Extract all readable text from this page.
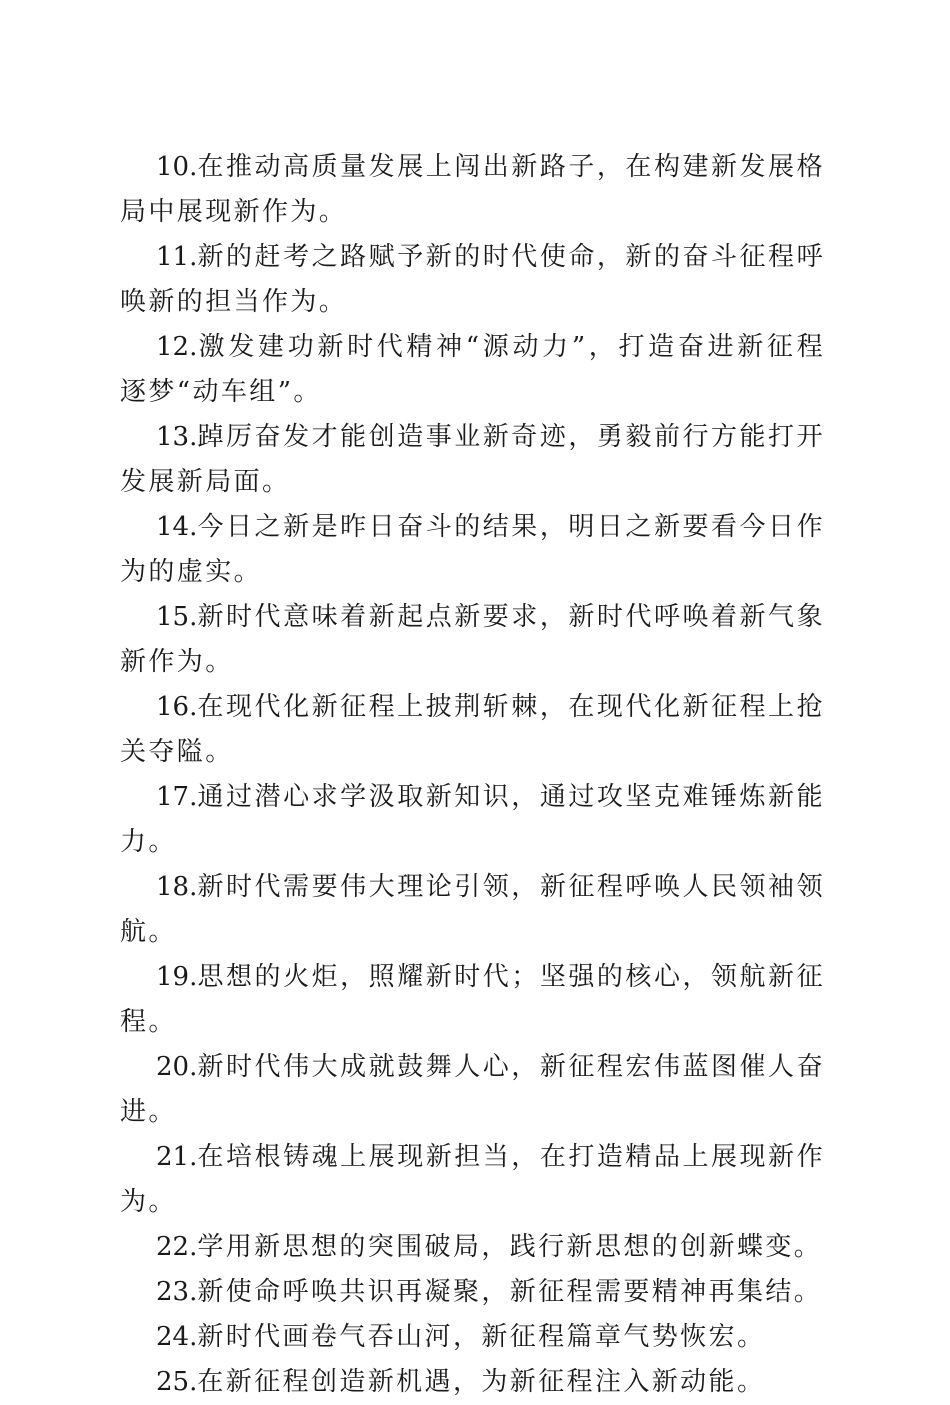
10.在推动高质量发展上闯出新路子，在构建新发展格局中展现新作为。

11.新的赶考之路赋予新的时代使命，新的奋斗征程呼唤新的担当作为。

12.激发建功新时代精神“源动力”，打造奋进新征程逐梦“动车组”。

13.踔厉奋发才能创造事业新奇迹，勇毅前行方能打开发展新局面。

14.今日之新是昨日奋斗的结果，明日之新要看今日作为的虚实。

15.新时代意味着新起点新要求，新时代呼唤着新气象新作为。

16.在现代化新征程上披荆斩棘，在现代化新征程上抢关夺隘。

17.通过潜心求学汲取新知识，通过攻坚克难锤炼新能力。

18.新时代需要伟大理论引领，新征程呼唤人民领袖领航。

19.思想的火炬，照耀新时代；坚强的核心，领航新征程。

20.新时代伟大成就鼓舞人心，新征程宏伟蓝图催人奋进。

21.在培根铸魂上展现新担当，在打造精品上展现新作为。

22.学用新思想的突围破局，践行新思想的创新蝶变。

23.新使命呼唤共识再凝聚，新征程需要精神再集结。

24.新时代画卷气吞山河，新征程篇章气势恢宏。

25.在新征程创造新机遇，为新征程注入新动能。
